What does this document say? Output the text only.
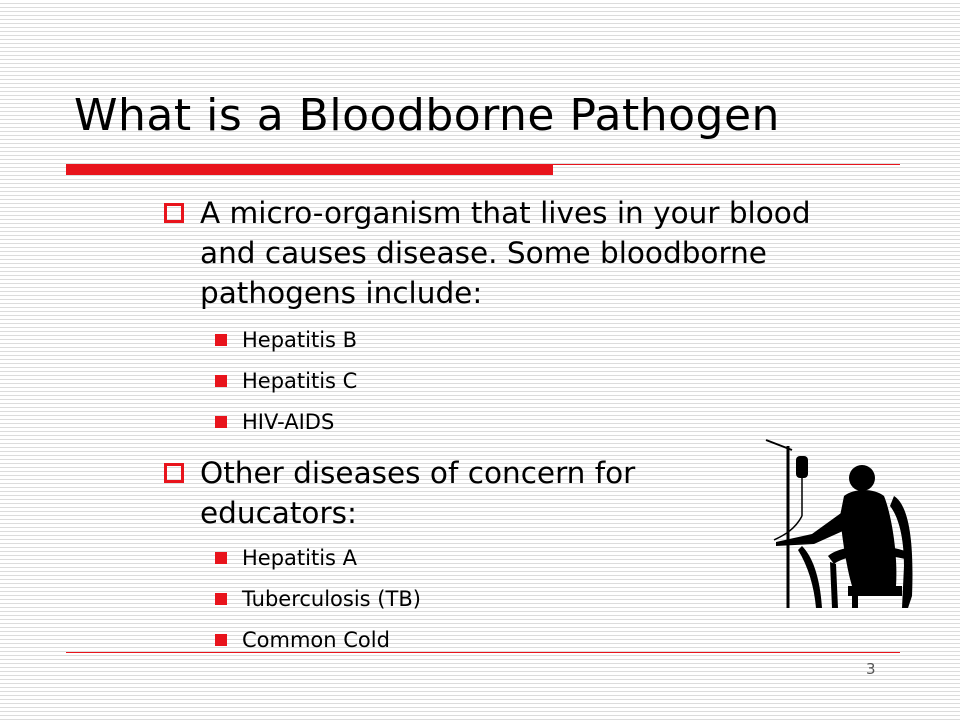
What is a Bloodborne Pathogen
A micro-organism that lives in your blood and causes disease. Some bloodborne pathogens include:
Hepatitis B
Hepatitis C
HIV-AIDS
Other diseases of concern for educators:
Hepatitis A
Tuberculosis (TB)
Common Cold
3
